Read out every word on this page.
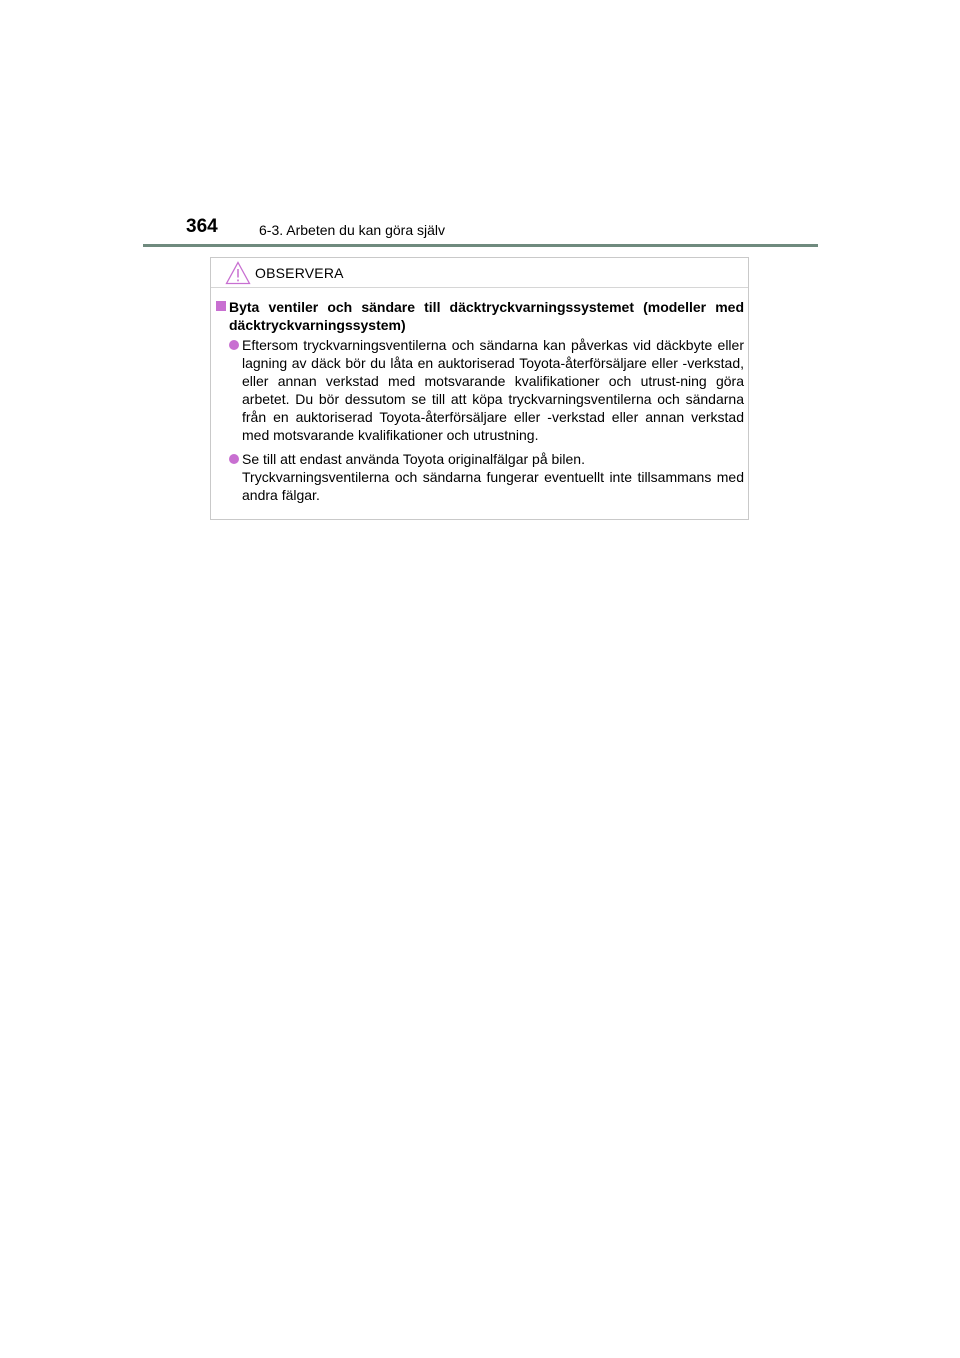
364	6-3. Arbeten du kan göra själv
OBSERVERA
Byta ventiler och sändare till däcktryckvarningssystemet (modeller med däcktryckvarningssystem)
Eftersom tryckvarningsventilerna och sändarna kan påverkas vid däckbyte eller lagning av däck bör du låta en auktoriserad Toyota-återförsäljare eller -verkstad, eller annan verkstad med motsvarande kvalifikationer och utrust-ning göra arbetet. Du bör dessutom se till att köpa tryckvarningsventilerna och sändarna från en auktoriserad Toyota-återförsäljare eller -verkstad eller annan verkstad med motsvarande kvalifikationer och utrustning.
Se till att endast använda Toyota originalfälgar på bilen.
Tryckvarningsventilerna och sändarna fungerar eventuellt inte tillsammans med andra fälgar.
